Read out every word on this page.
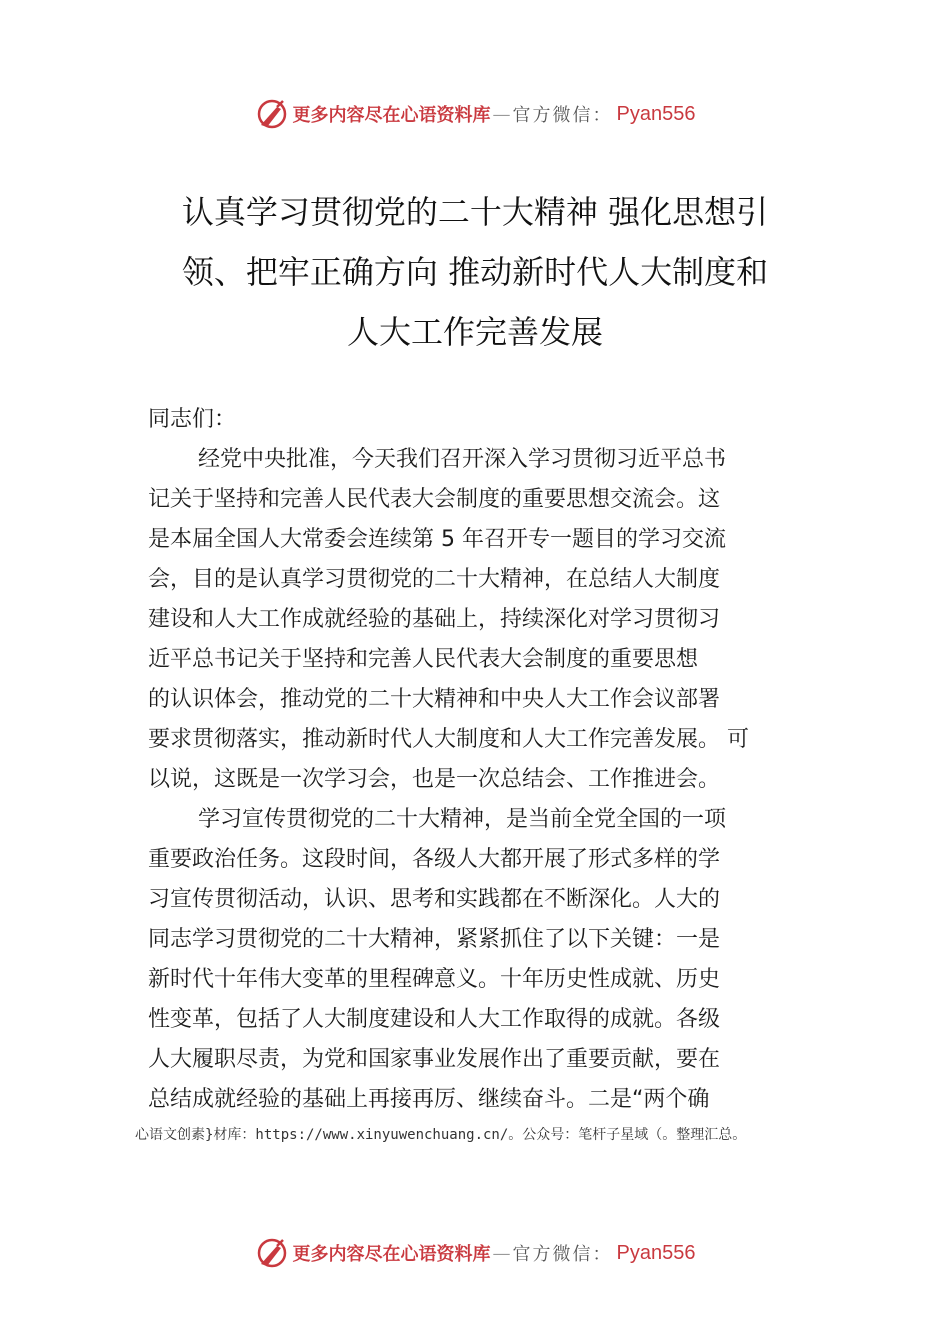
更多内容尽在心语资料库 — 官方微信： Pyan556
认真学习贯彻党的二十大精神 强化思想引
领、把牢正确方向 推动新时代人大制度和
人大工作完善发展
同志们：
经党中央批准，今天我们召开深入学习贯彻习近平总书
记关于坚持和完善人民代表大会制度的重要思想交流会。这
是本届全国人大常委会连续第 5 年召开专一题目的学习交流
会，目的是认真学习贯彻党的二十大精神，在总结人大制度
建设和人大工作成就经验的基础上，持续深化对学习贯彻习
近平总书记关于坚持和完善人民代表大会制度的重要思想
的认识体会，推动党的二十大精神和中央人大工作会议部署
要求贯彻落实，推动新时代人大制度和人大工作完善发展。 可
以说，这既是一次学习会，也是一次总结会、工作推进会。
学习宣传贯彻党的二十大精神，是当前全党全国的一项
重要政治任务。这段时间，各级人大都开展了形式多样的学
习宣传贯彻活动，认识、思考和实践都在不断深化。人大的
同志学习贯彻党的二十大精神，紧紧抓住了以下关键：一是
新时代十年伟大变革的里程碑意义。十年历史性成就、历史
性变革，包括了人大制度建设和人大工作取得的成就。各级
人大履职尽责，为党和国家事业发展作出了重要贡献，要在
总结成就经验的基础上再接再厉、继续奋斗。二是“两个确
心语文创素}材库：https://www.xinyuwenchuang.cn/。公众号：笔杆子星域（。整理汇总。
更多内容尽在心语资料库 — 官方微信： Pyan556
